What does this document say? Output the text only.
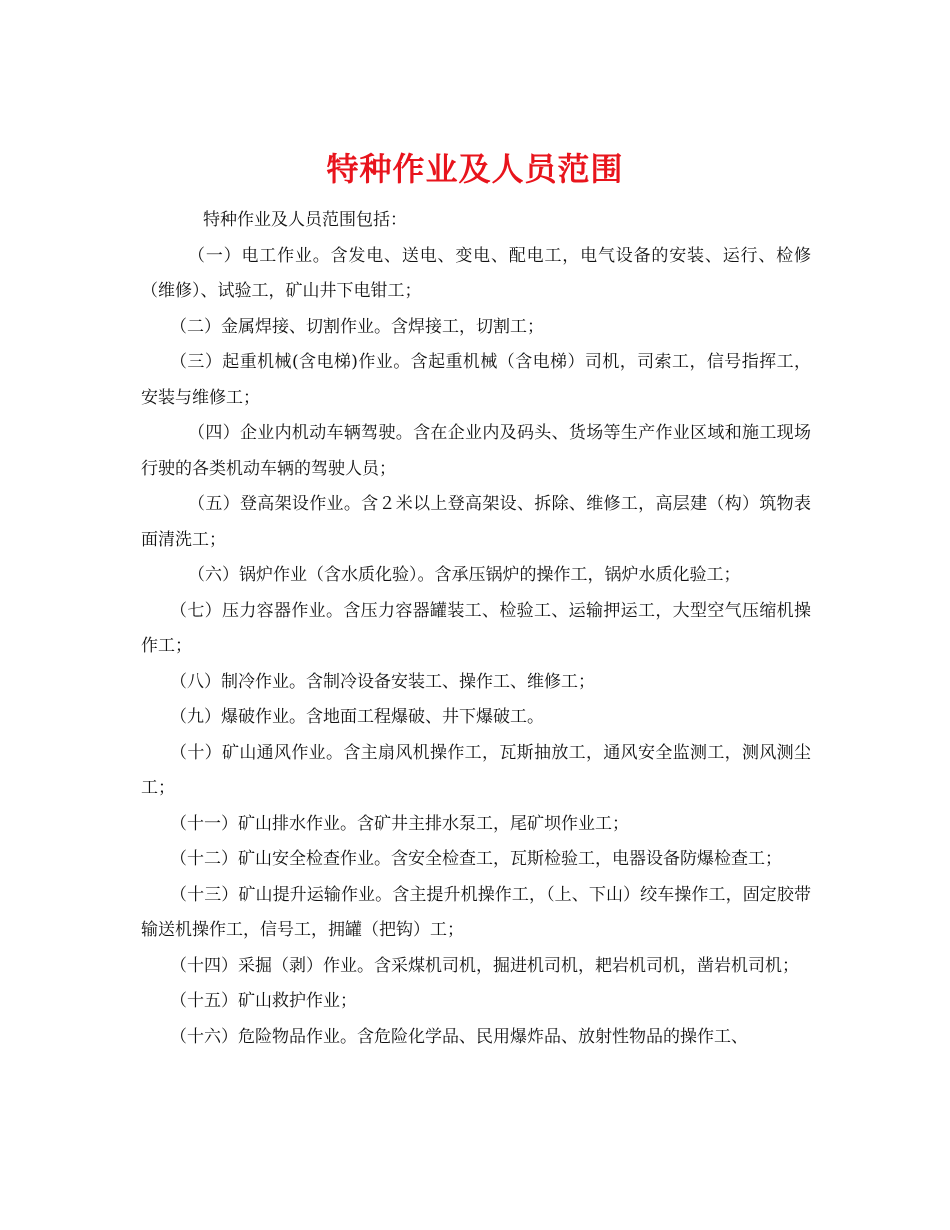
特种作业及人员范围

特种作业及人员范围包括：

（一）电工作业。含发电、送电、变电、配电工，电气设备的安装、运行、检修（维修）、试验工，矿山井下电钳工；

（二）金属焊接、切割作业。含焊接工，切割工；

（三）起重机械(含电梯)作业。含起重机械（含电梯）司机，司索工，信号指挥工，安装与维修工；

（四）企业内机动车辆驾驶。含在企业内及码头、货场等生产作业区域和施工现场行驶的各类机动车辆的驾驶人员；

（五）登高架设作业。含２米以上登高架设、拆除、维修工，高层建（构）筑物表面清洗工；

（六）锅炉作业（含水质化验）。含承压锅炉的操作工，锅炉水质化验工；

（七）压力容器作业。含压力容器罐装工、检验工、运输押运工，大型空气压缩机操作工；

（八）制冷作业。含制冷设备安装工、操作工、维修工；

（九）爆破作业。含地面工程爆破、井下爆破工。

（十）矿山通风作业。含主扇风机操作工，瓦斯抽放工，通风安全监测工，测风测尘工；

（十一）矿山排水作业。含矿井主排水泵工，尾矿坝作业工；

（十二）矿山安全检查作业。含安全检查工，瓦斯检验工，电器设备防爆检查工；

（十三）矿山提升运输作业。含主提升机操作工，（上、下山）绞车操作工，固定胶带输送机操作工，信号工，拥罐（把钩）工；

（十四）采掘（剥）作业。含采煤机司机，掘进机司机，耙岩机司机，凿岩机司机；

（十五）矿山救护作业；

（十六）危险物品作业。含危险化学品、民用爆炸品、放射性物品的操作工、
